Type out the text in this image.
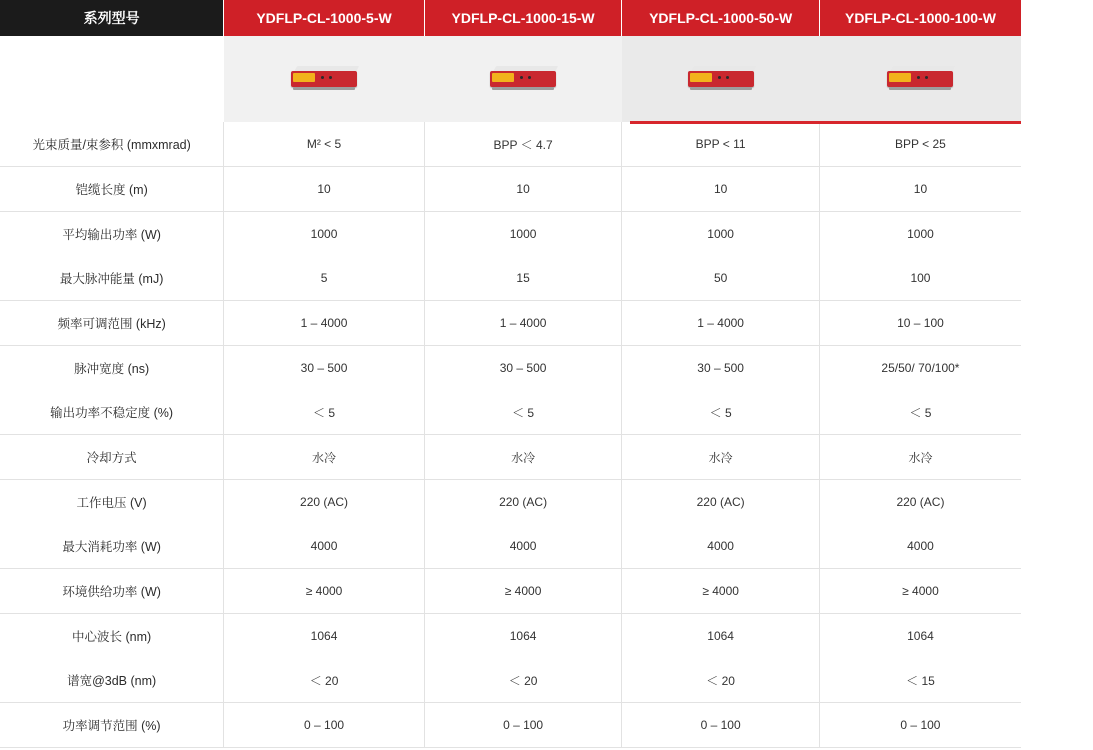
系列型号	YDFLP-CL-1000-5-W	YDFLP-CL-1000-15-W	YDFLP-CL-1000-50-W	YDFLP-CL-1000-100-W

光束质量/束参积 (mmxmrad)	M² < 5	BPP ＜ 4.7	BPP < 11	BPP < 25
铠缆长度 (m)	10	10	10	10
平均输出功率 (W)	1000	1000	1000	1000
最大脉冲能量 (mJ)	5	15	50	100
频率可调范围 (kHz)	1 – 4000	1 – 4000	1 – 4000	10 – 100
脉冲宽度 (ns)	30 – 500	30 – 500	30 – 500	25/50/ 70/100*
输出功率不稳定度 (%)	＜ 5	＜ 5	＜ 5	＜ 5
冷却方式	水冷	水冷	水冷	水冷
工作电压 (V)	220 (AC)	220 (AC)	220 (AC)	220 (AC)
最大消耗功率 (W)	4000	4000	4000	4000
环境供给功率 (W)	≥ 4000	≥ 4000	≥ 4000	≥ 4000
中心波长 (nm)	1064	1064	1064	1064
谱宽@3dB (nm)	＜ 20	＜ 20	＜ 20	＜ 15
功率调节范围 (%)	0 – 100	0 – 100	0 – 100	0 – 100
